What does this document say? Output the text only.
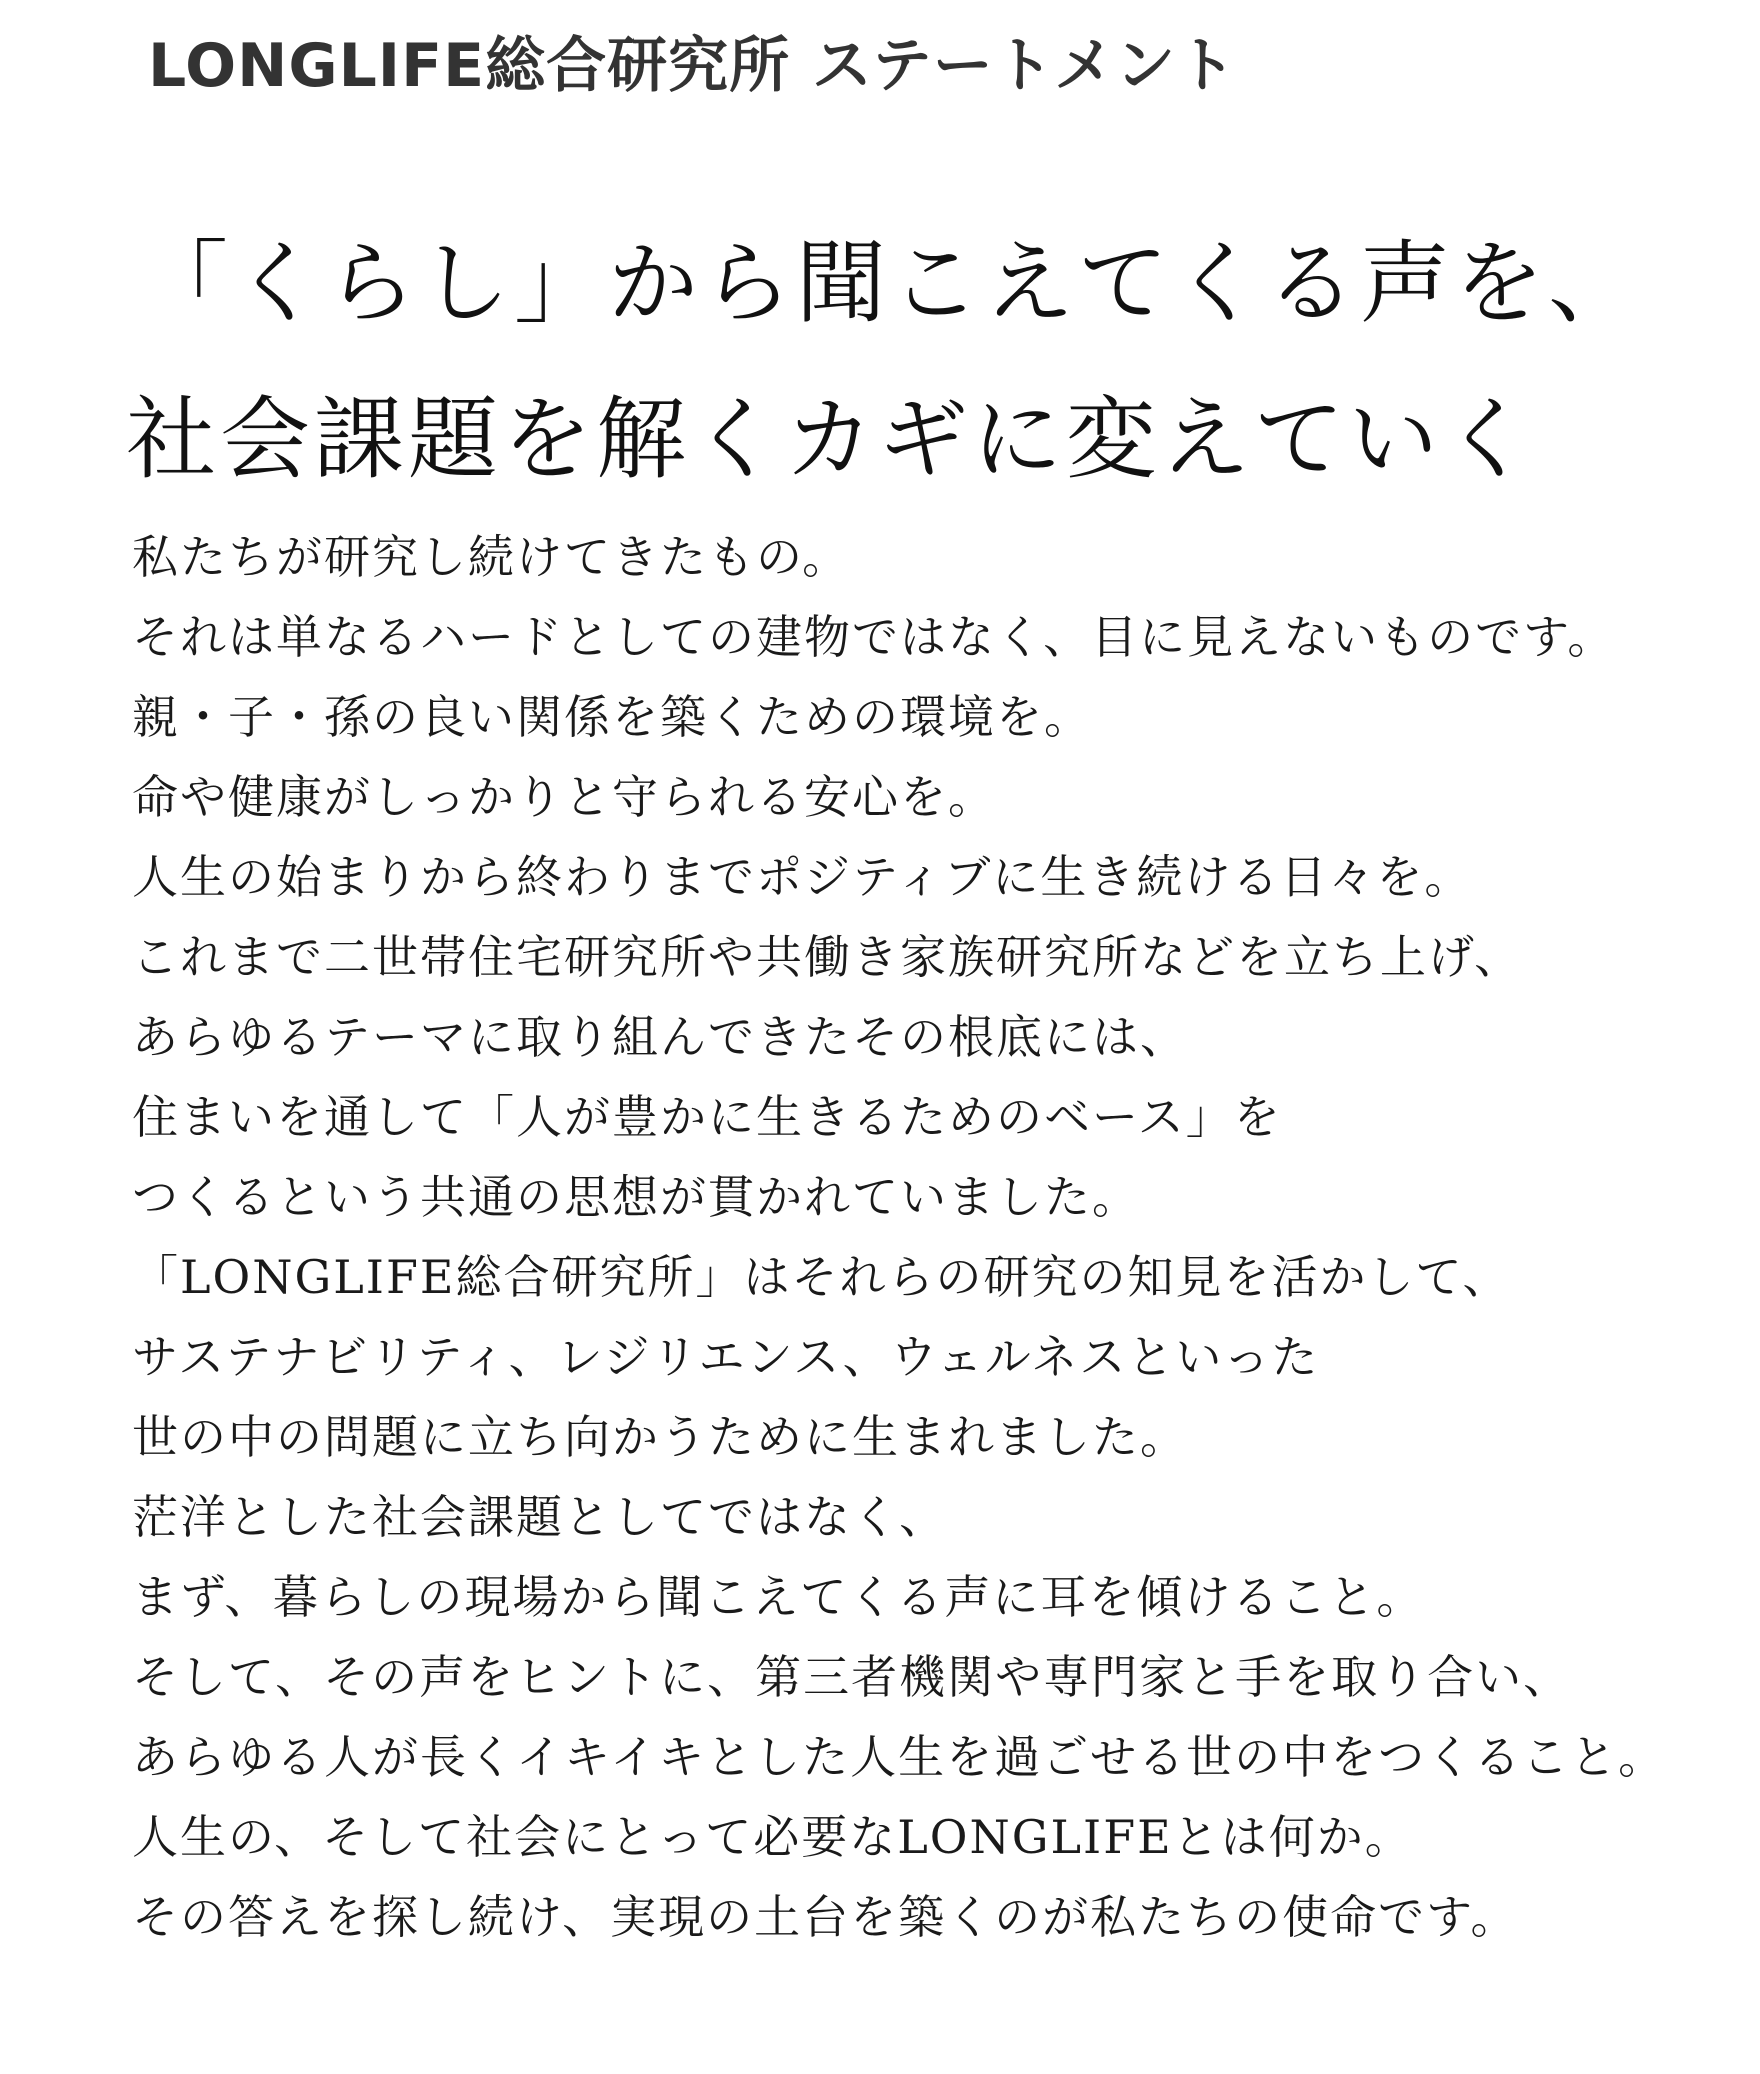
LONGLIFE総合研究所 ステートメント
「くらし」から聞こえてくる声を、
社会課題を解くカギに変えていく
私たちが研究し続けてきたもの。
それは単なるハードとしての建物ではなく、目に見えないものです。
親・子・孫の良い関係を築くための環境を。
命や健康がしっかりと守られる安心を。
人生の始まりから終わりまでポジティブに生き続ける日々を。
これまで二世帯住宅研究所や共働き家族研究所などを立ち上げ、
あらゆるテーマに取り組んできたその根底には、
住まいを通して「人が豊かに生きるためのベース」を
つくるという共通の思想が貫かれていました。
「LONGLIFE総合研究所」はそれらの研究の知見を活かして、
サステナビリティ、レジリエンス、ウェルネスといった
世の中の問題に立ち向かうために生まれました。
茫洋とした社会課題としてではなく、
まず、暮らしの現場から聞こえてくる声に耳を傾けること。
そして、その声をヒントに、第三者機関や専門家と手を取り合い、
あらゆる人が長くイキイキとした人生を過ごせる世の中をつくること。
人生の、そして社会にとって必要なLONGLIFEとは何か。
その答えを探し続け、実現の土台を築くのが私たちの使命です。
